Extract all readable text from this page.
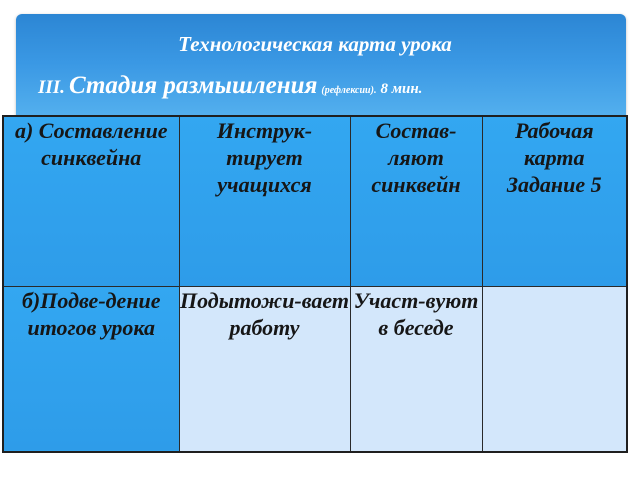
Технологическая карта урока
III. Стадия размышления (рефлексии). 8 мин.
а) Составление синквейна	Инструк-тирует учащихся	Состав-ляют синквейн	Рабочая карта Задание 5
б)Подве-дение итогов урока	Подытожи-вает работу	Участ-вуют в беседе	
